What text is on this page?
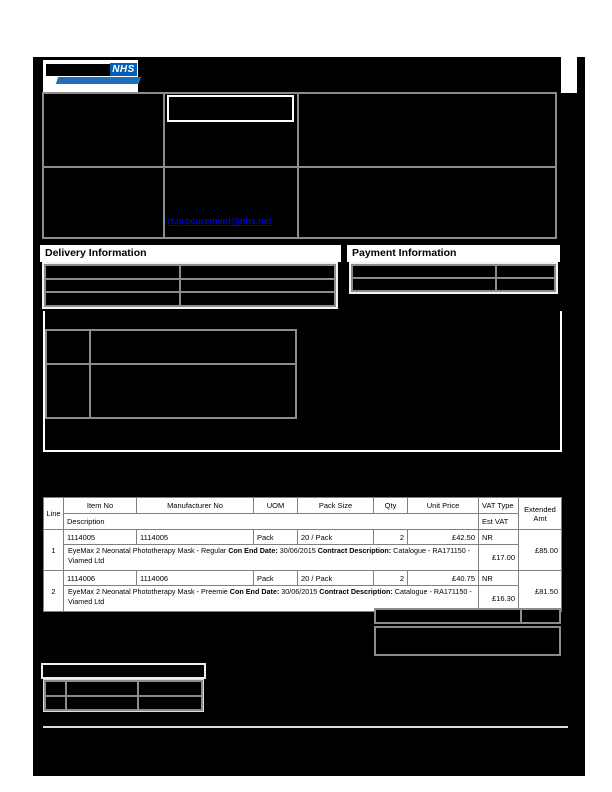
NHS
rf.procurement@nhs.net
Delivery Information	Payment Information
Line	Item No	Manufacturer No	UOM	Pack Size	Qty	Unit Price	VAT Type	Extended Amt
	Description						Est VAT	
1	1114005	1114005	Pack	20 / Pack	2	£42.50	NR	£85.00
	EyeMax 2 Neonatal Phototherapy Mask - Regular Con End Date: 30/06/2015 Contract Description: Catalogue - RA171150 - Viamed Ltd						£17.00	
2	1114006	1114006	Pack	20 / Pack	2	£40.75	NR	£81.50
	EyeMax 2 Neonatal Phototherapy Mask - Preemie Con End Date: 30/06/2015 Contract Description: Catalogue - RA171150 - Viamed Ltd						£16.30	
